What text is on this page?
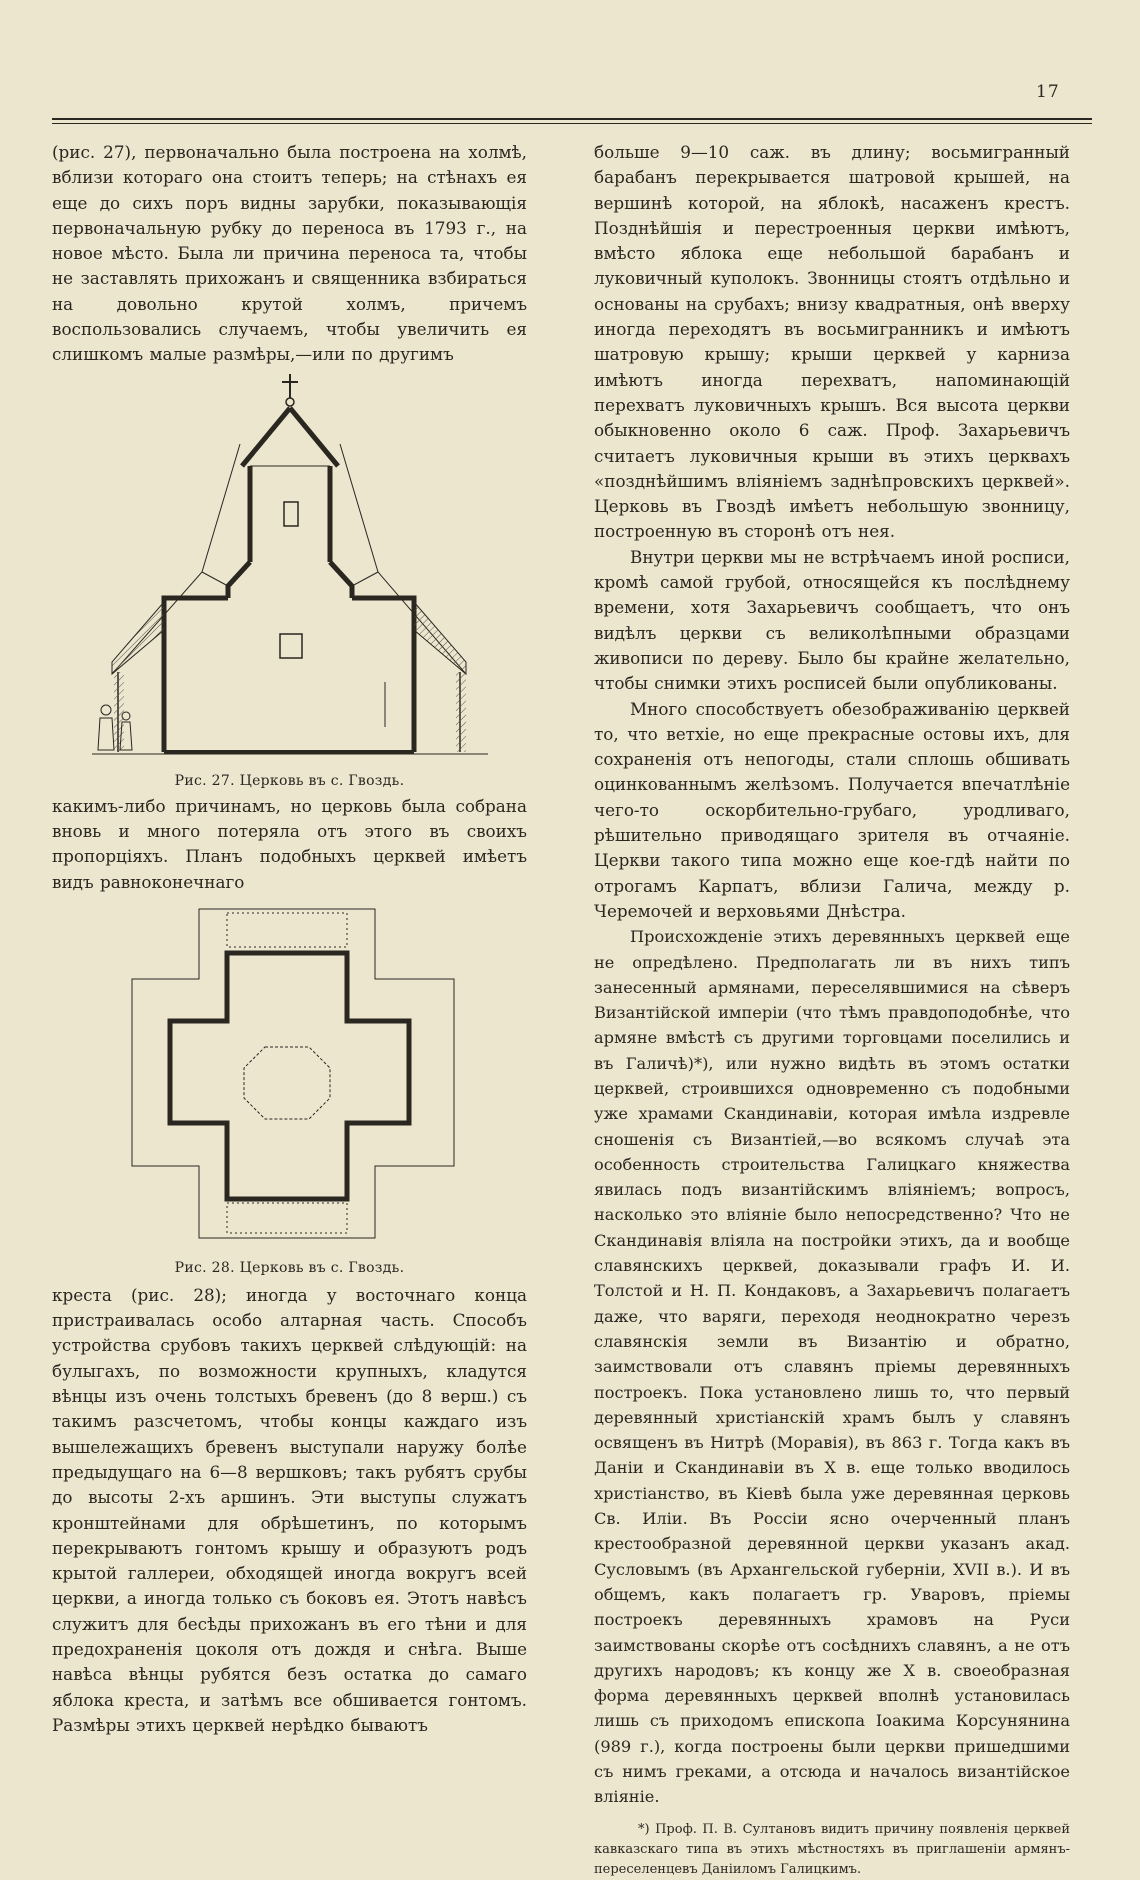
17

(рис. 27), первоначально была построена на холмѣ, вблизи котораго она стоитъ теперь; на стѣнахъ ея еще до сихъ поръ видны зарубки, показывающія первоначальную рубку до переноса въ 1793 г., на новое мѣсто. Была ли причина переноса та, чтобы не заставлять прихожанъ и священника взбираться на довольно крутой холмъ, причемъ воспользовались случаемъ, чтобы увеличить ея слишкомъ малые размѣры,—или по другимъ

Рис. 27. Церковь въ с. Гвоздь.

какимъ-либо причинамъ, но церковь была собрана вновь и много потеряла отъ этого въ своихъ пропорціяхъ. Планъ подобныхъ церквей имѣетъ видъ равноконечнаго

Рис. 28. Церковь въ с. Гвоздь.

креста (рис. 28); иногда у восточнаго конца пристраивалась особо алтарная часть. Способъ устройства срубовъ такихъ церквей слѣдующій: на булыгахъ, по возможности крупныхъ, кладутся вѣнцы изъ очень толстыхъ бревенъ (до 8 верш.) съ такимъ разсчетомъ, чтобы концы каждаго изъ вышележащихъ бревенъ выступали наружу болѣе предыдущаго на 6—8 вершковъ; такъ рубятъ срубы до высоты 2-хъ аршинъ. Эти выступы служатъ кронштейнами для обрѣшетинъ, по которымъ перекрываютъ гонтомъ крышу и образуютъ родъ крытой галлереи, обходящей иногда вокругъ всей церкви, а иногда только съ боковъ ея. Этотъ навѣсъ служитъ для бесѣды прихожанъ въ его тѣни и для предохраненія цоколя отъ дождя и снѣга. Выше навѣса вѣнцы рубятся безъ остатка до самаго яблока креста, и затѣмъ все обшивается гонтомъ. Размѣры этихъ церквей нерѣдко бываютъ

больше 9—10 саж. въ длину; восьмигранный барабанъ перекрывается шатровой крышей, на вершинѣ которой, на яблокѣ, насаженъ крестъ. Позднѣйшія и перестроенныя церкви имѣютъ, вмѣсто яблока еще небольшой барабанъ и луковичный куполокъ. Звонницы стоятъ отдѣльно и основаны на срубахъ; внизу квадратныя, онѣ вверху иногда переходятъ въ восьмигранникъ и имѣютъ шатровую крышу; крыши церквей у карниза имѣютъ иногда перехватъ, напоминающій перехватъ луковичныхъ крышъ. Вся высота церкви обыкновенно около 6 саж. Проф. Захарьевичъ считаетъ луковичныя крыши въ этихъ церквахъ «позднѣйшимъ вліяніемъ заднѣпровскихъ церквей». Церковь въ Гвоздѣ имѣетъ небольшую звонницу, построенную въ сторонѣ отъ нея.

Внутри церкви мы не встрѣчаемъ иной росписи, кромѣ самой грубой, относящейся къ послѣднему времени, хотя Захарьевичъ сообщаетъ, что онъ видѣлъ церкви съ великолѣпными образцами живописи по дереву. Было бы крайне желательно, чтобы снимки этихъ росписей были опубликованы.

Много способствуетъ обезображиванію церквей то, что ветхіе, но еще прекрасные остовы ихъ, для сохраненія отъ непогоды, стали сплошь обшивать оцинкованнымъ желѣзомъ. Получается впечатлѣніе чего-то оскорбительно-грубаго, уродливаго, рѣшительно приводящаго зрителя въ отчаяніе. Церкви такого типа можно еще кое-гдѣ найти по отрогамъ Карпатъ, вблизи Галича, между р. Черемочей и верховьями Днѣстра.

Происхожденіе этихъ деревянныхъ церквей еще не опредѣлено. Предполагать ли въ нихъ типъ занесенный армянами, переселявшимися на сѣверъ Византійской имперіи (что тѣмъ правдоподобнѣе, что армяне вмѣстѣ съ другими торговцами поселились и въ Галичѣ)*), или нужно видѣть въ этомъ остатки церквей, строившихся одновременно съ подобными уже храмами Скандинавіи, которая имѣла издревле сношенія съ Византіей,—во всякомъ случаѣ эта особенность строительства Галицкаго княжества явилась подъ византійскимъ вліяніемъ; вопросъ, насколько это вліяніе было непосредственно? Что не Скандинавія вліяла на постройки этихъ, да и вообще славянскихъ церквей, доказывали графъ И. И. Толстой и Н. П. Кондаковъ, а Захарьевичъ полагаетъ даже, что варяги, переходя неоднократно черезъ славянскія земли въ Византію и обратно, заимствовали отъ славянъ пріемы деревянныхъ построекъ. Пока установлено лишь то, что первый деревянный христіанскій храмъ былъ у славянъ освященъ въ Нитрѣ (Моравія), въ 863 г. Тогда какъ въ Даніи и Скандинавіи въ X в. еще только вводилось христіанство, въ Кіевѣ была уже деревянная церковь Св. Иліи. Въ Россіи ясно очерченный планъ крестообразной деревянной церкви указанъ акад. Сусловымъ (въ Архангельской губерніи, XVII в.). И въ общемъ, какъ полагаетъ гр. Уваровъ, пріемы построекъ деревянныхъ храмовъ на Руси заимствованы скорѣе отъ сосѣднихъ славянъ, а не отъ другихъ народовъ; къ концу же X в. своеобразная форма деревянныхъ церквей вполнѣ установилась лишь съ приходомъ епископа Іоакима Корсунянина (989 г.), когда построены были церкви пришедшими съ нимъ греками, а отсюда и началось византійское вліяніе.

*) Проф. П. В. Султановъ видитъ причину появленія церквей кавказскаго типа въ этихъ мѣстностяхъ въ приглашеніи армянъ-переселенцевъ Даніиломъ Галицкимъ.
